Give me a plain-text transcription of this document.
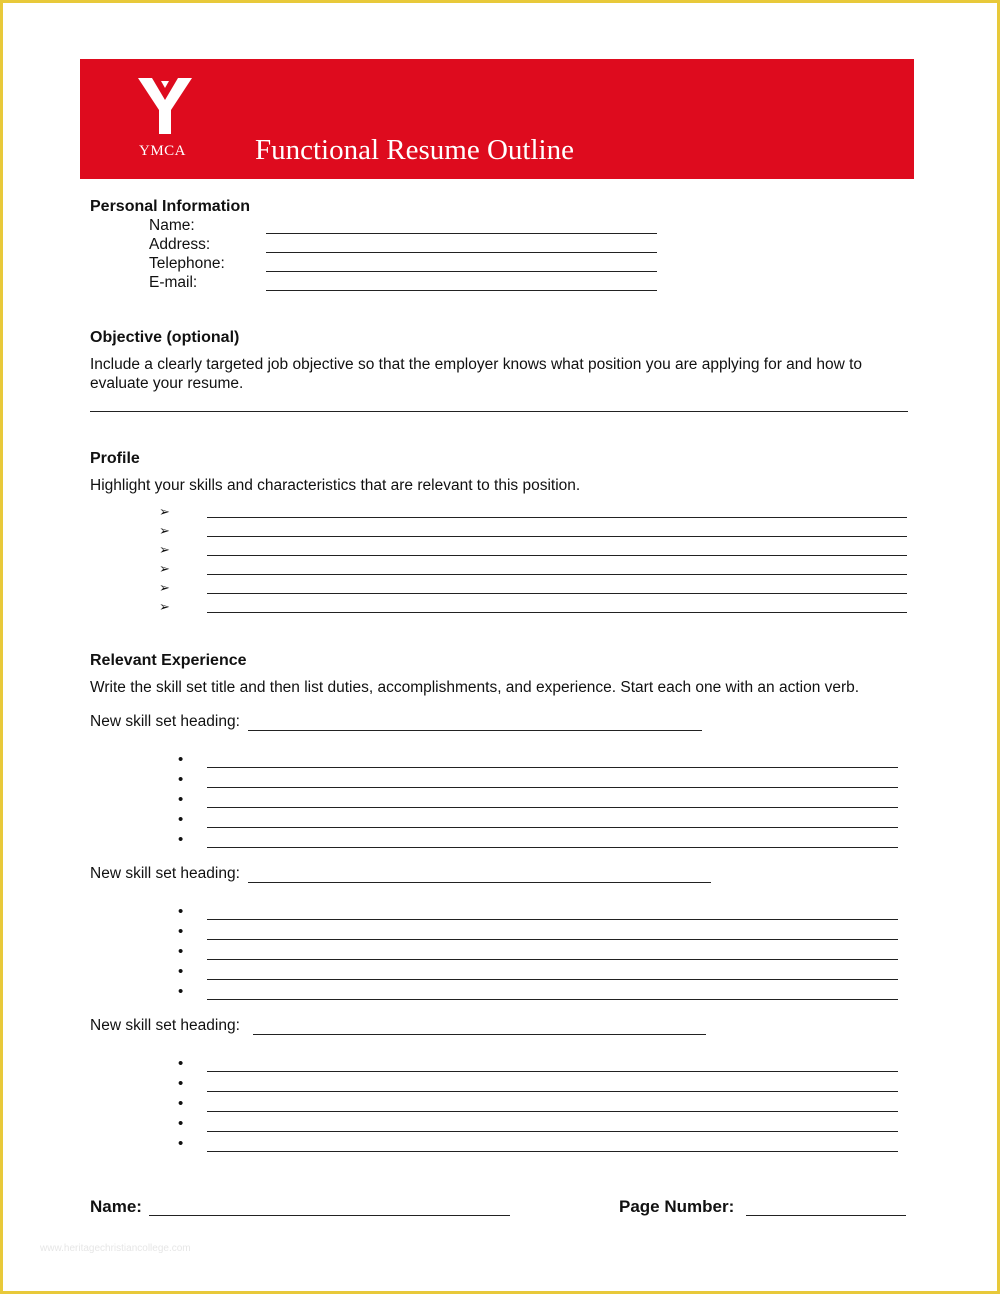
YMCA	Functional Resume Outline
Personal Information
Name:
Address:
Telephone:
E-mail:
Objective (optional)
Include a clearly targeted job objective so that the employer knows what position you are applying for and how to
evaluate your resume.
Profile
Highlight your skills and characteristics that are relevant to this position.
➢
➢
➢
➢
➢
➢
Relevant Experience
Write the skill set title and then list duties, accomplishments, and experience. Start each one with an action verb.
New skill set heading:
New skill set heading:
New skill set heading:
•
•
•
•
•
•
•
•
•
•
•
•
•
•
•
Name:	Page Number:
www.heritagechristiancollege.com
